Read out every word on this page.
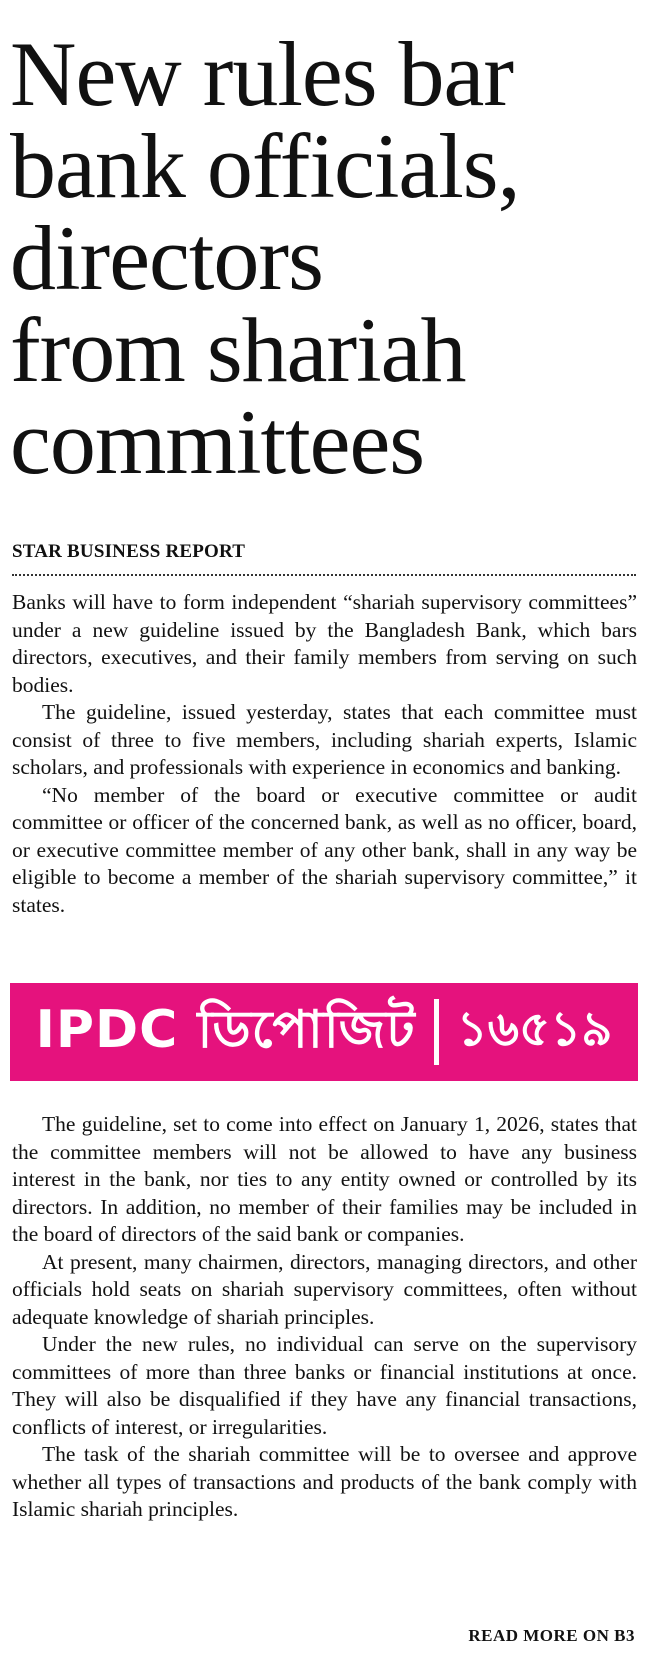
New rules bar
bank officials,
directors
from shariah
committees
STAR BUSINESS REPORT

Banks will have to form independent “shariah supervisory committees” under a new guideline issued by the Bangladesh Bank, which bars directors, executives, and their family members from serving on such bodies.

The guideline, issued yesterday, states that each committee must consist of three to five members, including shariah experts, Islamic scholars, and professionals with experience in economics and banking.

“No member of the board or executive committee or audit committee or officer of the concerned bank, as well as no officer, board, or executive committee member of any other bank, shall in any way be eligible to become a member of the shariah supervisory committee,” it states.

IPDC ডিপোজিট ১৬৫১৯

The guideline, set to come into effect on January 1, 2026, states that the committee members will not be allowed to have any business interest in the bank, nor ties to any entity owned or controlled by its directors. In addition, no member of their families may be included in the board of directors of the said bank or companies.

At present, many chairmen, directors, managing directors, and other officials hold seats on shariah supervisory committees, often without adequate knowledge of shariah principles.

Under the new rules, no individual can serve on the supervisory committees of more than three banks or financial institutions at once. They will also be disqualified if they have any financial transactions, conflicts of interest, or irregularities.

The task of the shariah committee will be to oversee and approve whether all types of transactions and products of the bank comply with Islamic shariah principles.

READ MORE ON B3
